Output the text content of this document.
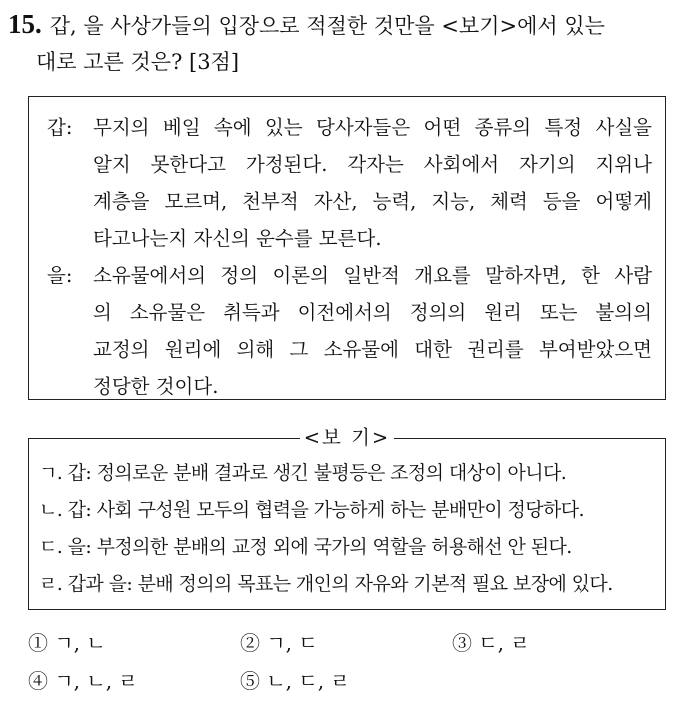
15. 갑, 을 사상가들의 입장으로 적절한 것만을 <보기>에서 있는
대로 고른 것은? [3점]
갑:	무지의 베일 속에 있는 당사자들은 어떤 종류의 특정 사실을
알지 못한다고 가정된다. 각자는 사회에서 자기의 지위나
계층을 모르며, 천부적 자산, 능력, 지능, 체력 등을 어떻게
타고나는지 자신의 운수를 모른다.
을:	소유물에서의 정의 이론의 일반적 개요를 말하자면, 한 사람
의 소유물은 취득과 이전에서의 정의의 원리 또는 불의의
교정의 원리에 의해 그 소유물에 대한 권리를 부여받았으면
정당한 것이다.
<보 기>
ㄱ. 갑: 정의로운 분배 결과로 생긴 불평등은 조정의 대상이 아니다.
ㄴ. 갑: 사회 구성원 모두의 협력을 가능하게 하는 분배만이 정당하다.
ㄷ. 을: 부정의한 분배의 교정 외에 국가의 역할을 허용해선 안 된다.
ㄹ. 갑과 을: 분배 정의의 목표는 개인의 자유와 기본적 필요 보장에 있다.
① ㄱ, ㄴ	② ㄱ, ㄷ	③ ㄷ, ㄹ
④ ㄱ, ㄴ, ㄹ	⑤ ㄴ, ㄷ, ㄹ
